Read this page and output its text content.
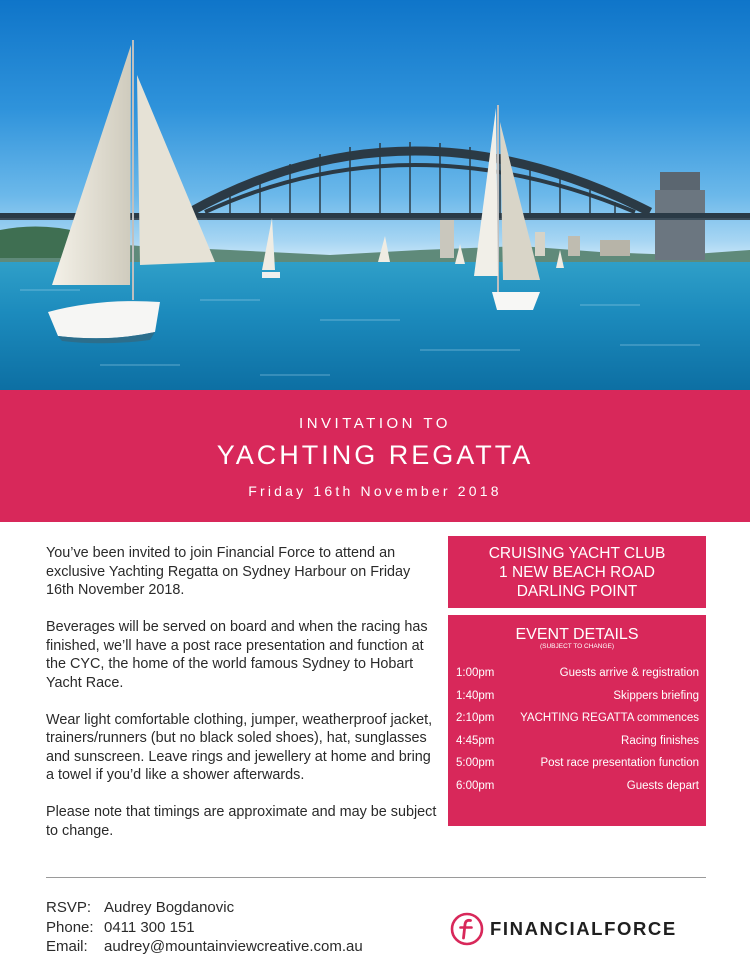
INVITATION TO
YACHTING REGATTA
Friday 16th November 2018

You’ve been invited to join Financial Force to attend an exclusive Yachting Regatta on Sydney Harbour on Friday 16th November 2018.

Beverages will be served on board and when the racing has finished, we’ll have a post race presentation and function at the CYC, the home of the world famous Sydney to Hobart Yacht Race.

Wear light comfortable clothing, jumper, weatherproof jacket, trainers/runners (but no black soled shoes), hat, sunglasses and sunscreen. Leave rings and jewellery at home and bring a towel if you’d like a shower afterwards.

Please note that timings are approximate and may be subject to change.

CRUISING YACHT CLUB
1 NEW BEACH ROAD
DARLING POINT
EVENT DETAILS
(SUBJECT TO CHANGE)
1:00pm	Guests arrive & registration
1:40pm	Skippers briefing
2:10pm	YACHTING REGATTA commences
4:45pm	Racing finishes
5:00pm	Post race presentation function
6:00pm	Guests depart
RSVP: Audrey Bogdanovic
Phone: 0411 300 151
Email: audrey@mountainviewcreative.com.au
FINANCIALFORCE
